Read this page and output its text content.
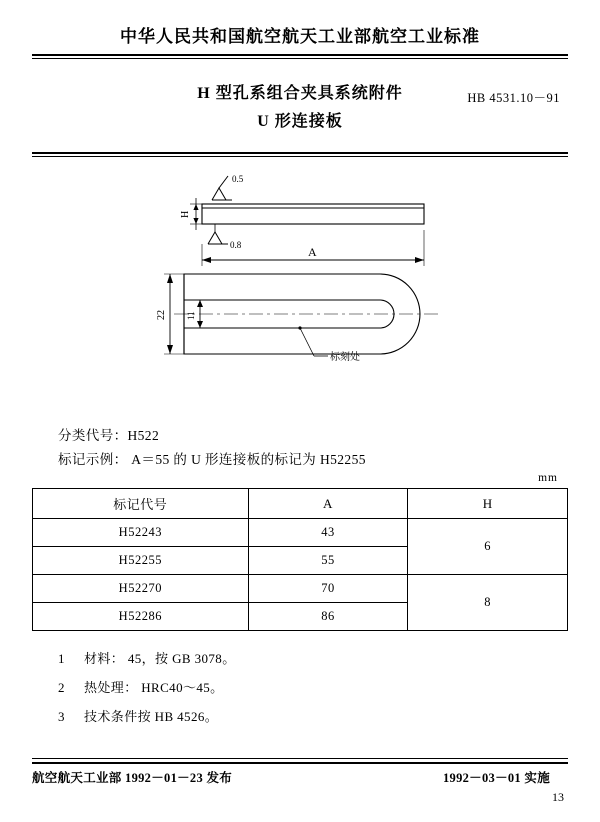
中华人民共和国航空航天工业部航空工业标准
H 型孔系组合夹具系统附件
U 形连接板
HB 4531.10－91
0.5
0.8
H
A
22 11
标刻处
分类代号：H522
标记示例： A＝55 的 U 形连接板的标记为 H52255
mm
标记代号	A	H
H52243	43	6
H52255	55	
H52270	70	8
H52286	86	
1	材料： 45，按 GB 3078。
2	热处理： HRC40～45。
3	技术条件按 HB 4526。
航空航天工业部 1992－01－23 发布	1992－03－01 实施
13
